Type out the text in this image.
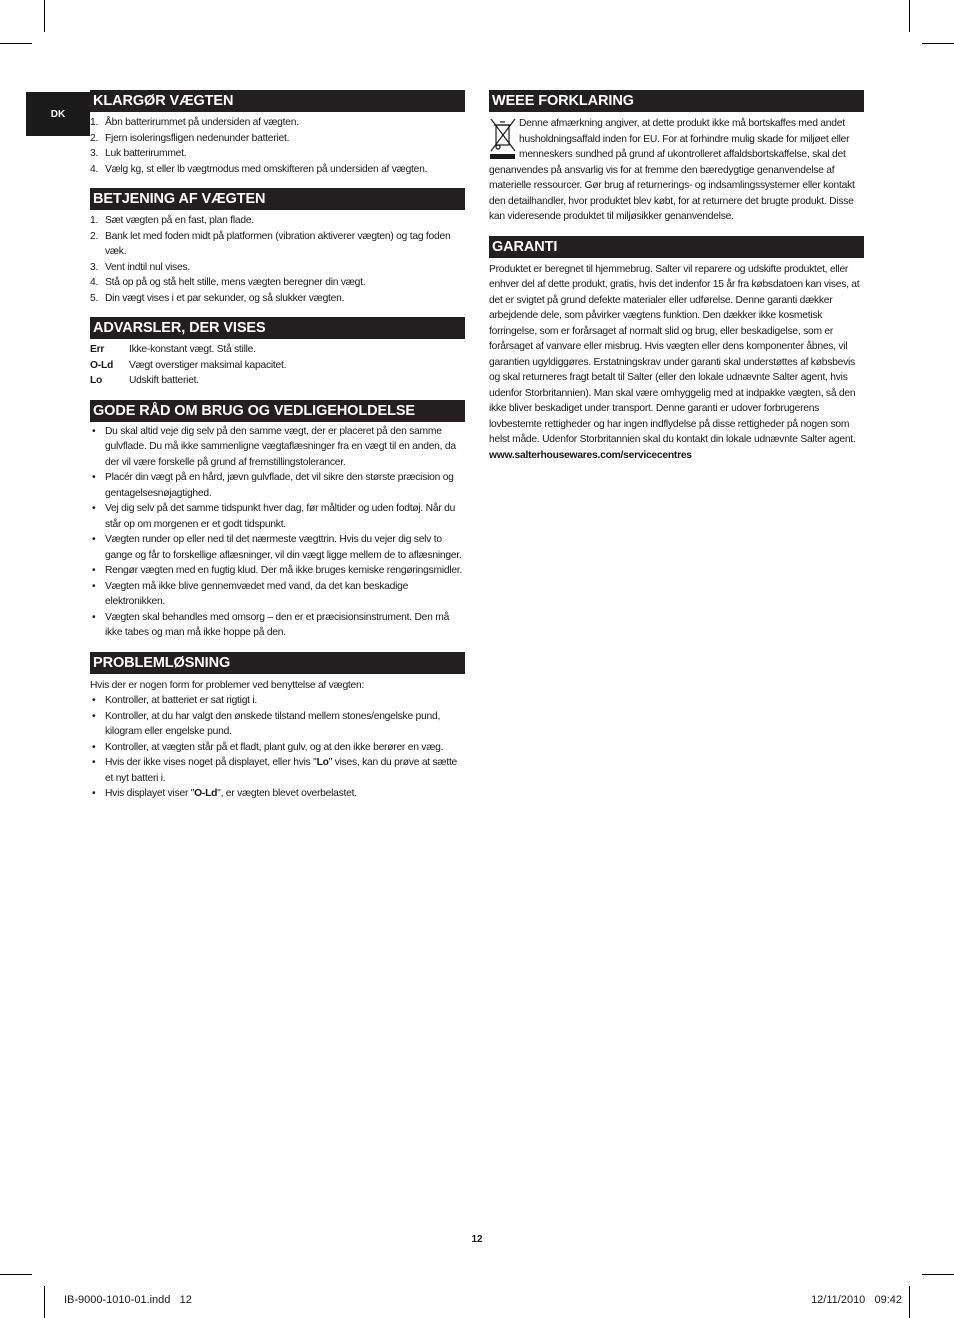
DK
KLARGØR VÆGTEN
1. Åbn batterirummet på undersiden af vægten.
2. Fjern isoleringsfligen nedenunder batteriet.
3. Luk batterirummet.
4. Vælg kg, st eller lb vægtmodus med omskifteren på undersiden af vægten.
BETJENING AF VÆGTEN
1. Sæt vægten på en fast, plan flade.
2. Bank let med foden midt på platformen (vibration aktiverer vægten) og tag foden væk.
3. Vent indtil nul vises.
4. Stå op på og stå helt stille, mens vægten beregner din vægt.
5. Din vægt vises i et par sekunder, og så slukker vægten.
ADVARSLER, DER VISES
Err	Ikke-konstant vægt. Stå stille.
O-Ld	Vægt overstiger maksimal kapacitet.
Lo	Udskift batteriet.
GODE RÅD OM BRUG OG VEDLIGEHOLDELSE
• Du skal altid veje dig selv på den samme vægt, der er placeret på den samme gulvflade. Du må ikke sammenligne vægtaflæsninger fra en vægt til en anden, da der vil være forskelle på grund af fremstillingstolerancer.
• Placér din vægt på en hård, jævn gulvflade, det vil sikre den største præcision og gentagelsesnøjagtighed.
• Vej dig selv på det samme tidspunkt hver dag, før måltider og uden fodtøj. Når du står op om morgenen er et godt tidspunkt.
• Vægten runder op eller ned til det nærmeste vægttrin. Hvis du vejer dig selv to gange og får to forskellige aflæsninger, vil din vægt ligge mellem de to aflæsninger.
• Rengør vægten med en fugtig klud. Der må ikke bruges kemiske rengøringsmidler.
• Vægten må ikke blive gennemvædet med vand, da det kan beskadige elektronikken.
• Vægten skal behandles med omsorg – den er et præcisionsinstrument. Den må ikke tabes og man må ikke hoppe på den.
PROBLEMLØSNING
Hvis der er nogen form for problemer ved benyttelse af vægten:
• Kontroller, at batteriet er sat rigtigt i.
• Kontroller, at du har valgt den ønskede tilstand mellem stones/engelske pund, kilogram eller engelske pund.
• Kontroller, at vægten står på et fladt, plant gulv, og at den ikke berører en væg.
• Hvis der ikke vises noget på displayet, eller hvis "Lo" vises, kan du prøve at sætte et nyt batteri i.
• Hvis displayet viser "O-Ld", er vægten blevet overbelastet.
WEEE FORKLARING
Denne afmærkning angiver, at dette produkt ikke må bortskaffes med andet husholdningsaffald inden for EU. For at forhindre mulig skade for miljøet eller menneskers sundhed på grund af ukontrolleret affaldsbortskaffelse, skal det genanvendes på ansvarlig vis for at fremme den bæredygtige genanvendelse af materielle ressourcer. Gør brug af returnerings- og indsamlingssystemer eller kontakt den detailhandler, hvor produktet blev købt, for at returnere det brugte produkt. Disse kan videresende produktet til miljøsikker genanvendelse.
GARANTI
Produktet er beregnet til hjemmebrug. Salter vil reparere og udskifte produktet, eller enhver del af dette produkt, gratis, hvis det indenfor 15 år fra købsdatoen kan vises, at det er svigtet på grund defekte materialer eller udførelse. Denne garanti dækker arbejdende dele, som påvirker vægtens funktion. Den dækker ikke kosmetisk forringelse, som er forårsaget af normalt slid og brug, eller beskadigelse, som er forårsaget af vanvare eller misbrug. Hvis vægten eller dens komponenter åbnes, vil garantien ugyldiggøres. Erstatningskrav under garanti skal understøttes af købsbevis og skal returneres fragt betalt til Salter (eller den lokale udnævnte Salter agent, hvis udenfor Storbritannien). Man skal være omhyggelig med at indpakke vægten, så den ikke bliver beskadiget under transport. Denne garanti er udover forbrugerens lovbestemte rettigheder og har ingen indflydelse på disse rettigheder på nogen som helst måde. Udenfor Storbritannien skal du kontakt din lokale udnævnte Salter agent.
www.salterhousewares.com/servicecentres
12
IB-9000-1010-01.indd   12	12/11/2010   09:42
